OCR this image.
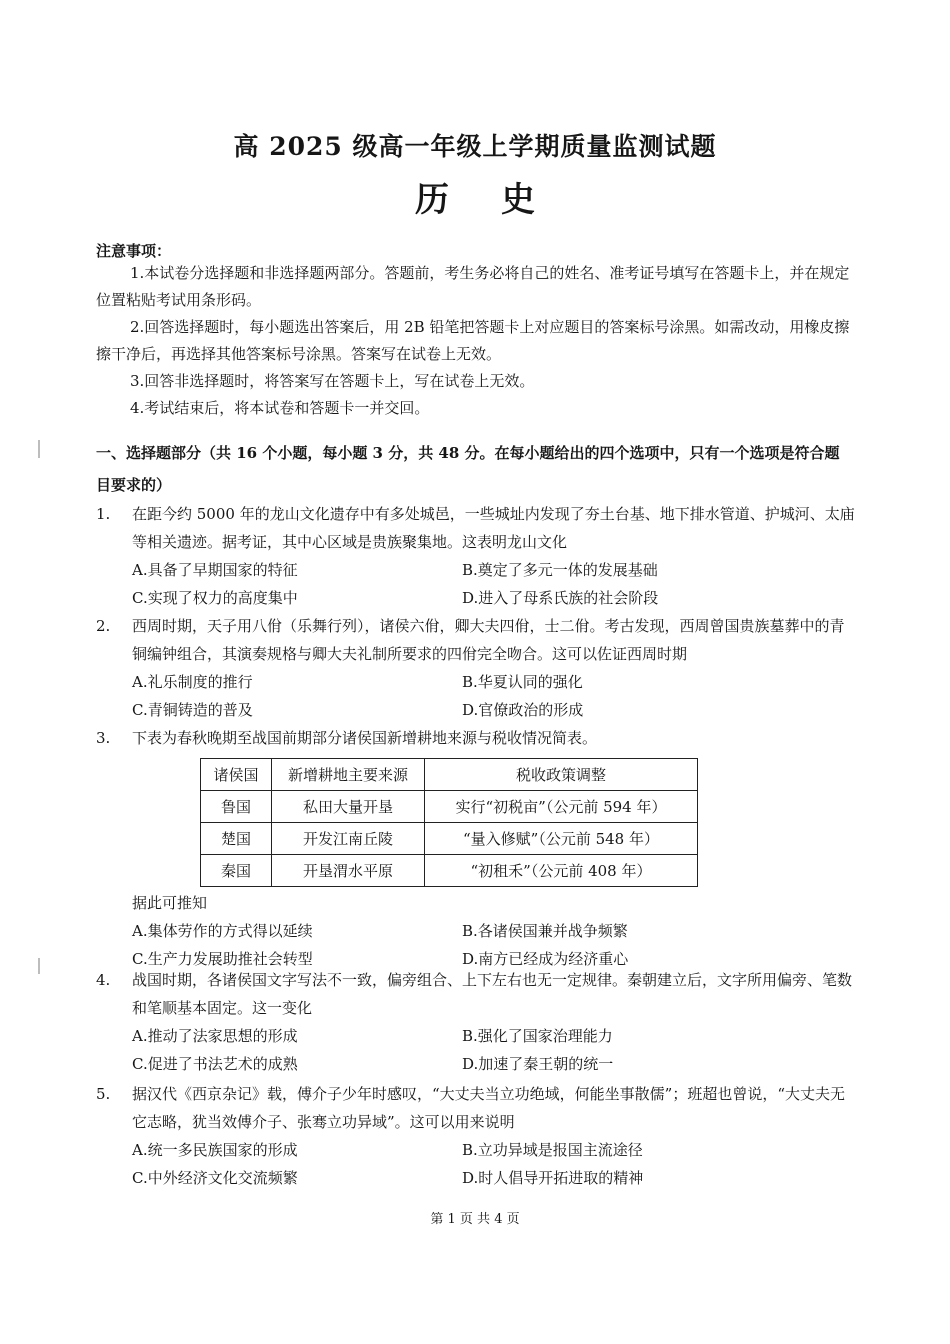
高 2025 级高一年级上学期质量监测试题
历史
注意事项：

1.本试卷分选择题和非选择题两部分。答题前，考生务必将自己的姓名、准考证号填写在答题卡上，并在规定位置粘贴考试用条形码。

2.回答选择题时，每小题选出答案后，用 2B 铅笔把答题卡上对应题目的答案标号涂黑。如需改动，用橡皮擦擦干净后，再选择其他答案标号涂黑。答案写在试卷上无效。

3.回答非选择题时，将答案写在答题卡上，写在试卷上无效。

4.考试结束后，将本试卷和答题卡一并交回。

一、选择题部分（共 16 个小题，每小题 3 分，共 48 分。在每小题给出的四个选项中，只有一个选项是符合题目要求的）
1.	在距今约 5000 年的龙山文化遗存中有多处城邑，一些城址内发现了夯土台基、地下排水管道、护城河、太庙等相关遗迹。据考证，其中心区域是贵族聚集地。这表明龙山文化
A.具备了早期国家的特征	B.奠定了多元一体的发展基础
C.实现了权力的高度集中	D.进入了母系氏族的社会阶段
2.	西周时期，天子用八佾（乐舞行列），诸侯六佾，卿大夫四佾，士二佾。考古发现，西周曾国贵族墓葬中的青铜编钟组合，其演奏规格与卿大夫礼制所要求的四佾完全吻合。这可以佐证西周时期
A.礼乐制度的推行	B.华夏认同的强化
C.青铜铸造的普及	D.官僚政治的形成
3.	下表为春秋晚期至战国前期部分诸侯国新增耕地来源与税收情况简表。
诸侯国	新增耕地主要来源	税收政策调整
鲁国	私田大量开垦	实行“初税亩”（公元前 594 年）
楚国	开发江南丘陵	“量入修赋”（公元前 548 年）
秦国	开垦渭水平原	“初租禾”（公元前 408 年）
据此可推知
A.集体劳作的方式得以延续	B.各诸侯国兼并战争频繁
C.生产力发展助推社会转型	D.南方已经成为经济重心
4.	战国时期，各诸侯国文字写法不一致，偏旁组合、上下左右也无一定规律。秦朝建立后，文字所用偏旁、笔数和笔顺基本固定。这一变化
A.推动了法家思想的形成	B.强化了国家治理能力
C.促进了书法艺术的成熟	D.加速了秦王朝的统一
5.	据汉代《西京杂记》载，傅介子少年时感叹，“大丈夫当立功绝域，何能坐事散儒”；班超也曾说，“大丈夫无它志略，犹当效傅介子、张骞立功异域”。这可以用来说明
A.统一多民族国家的形成	B.立功异域是报国主流途径
C.中外经济文化交流频繁	D.时人倡导开拓进取的精神
第 1 页 共 4 页
